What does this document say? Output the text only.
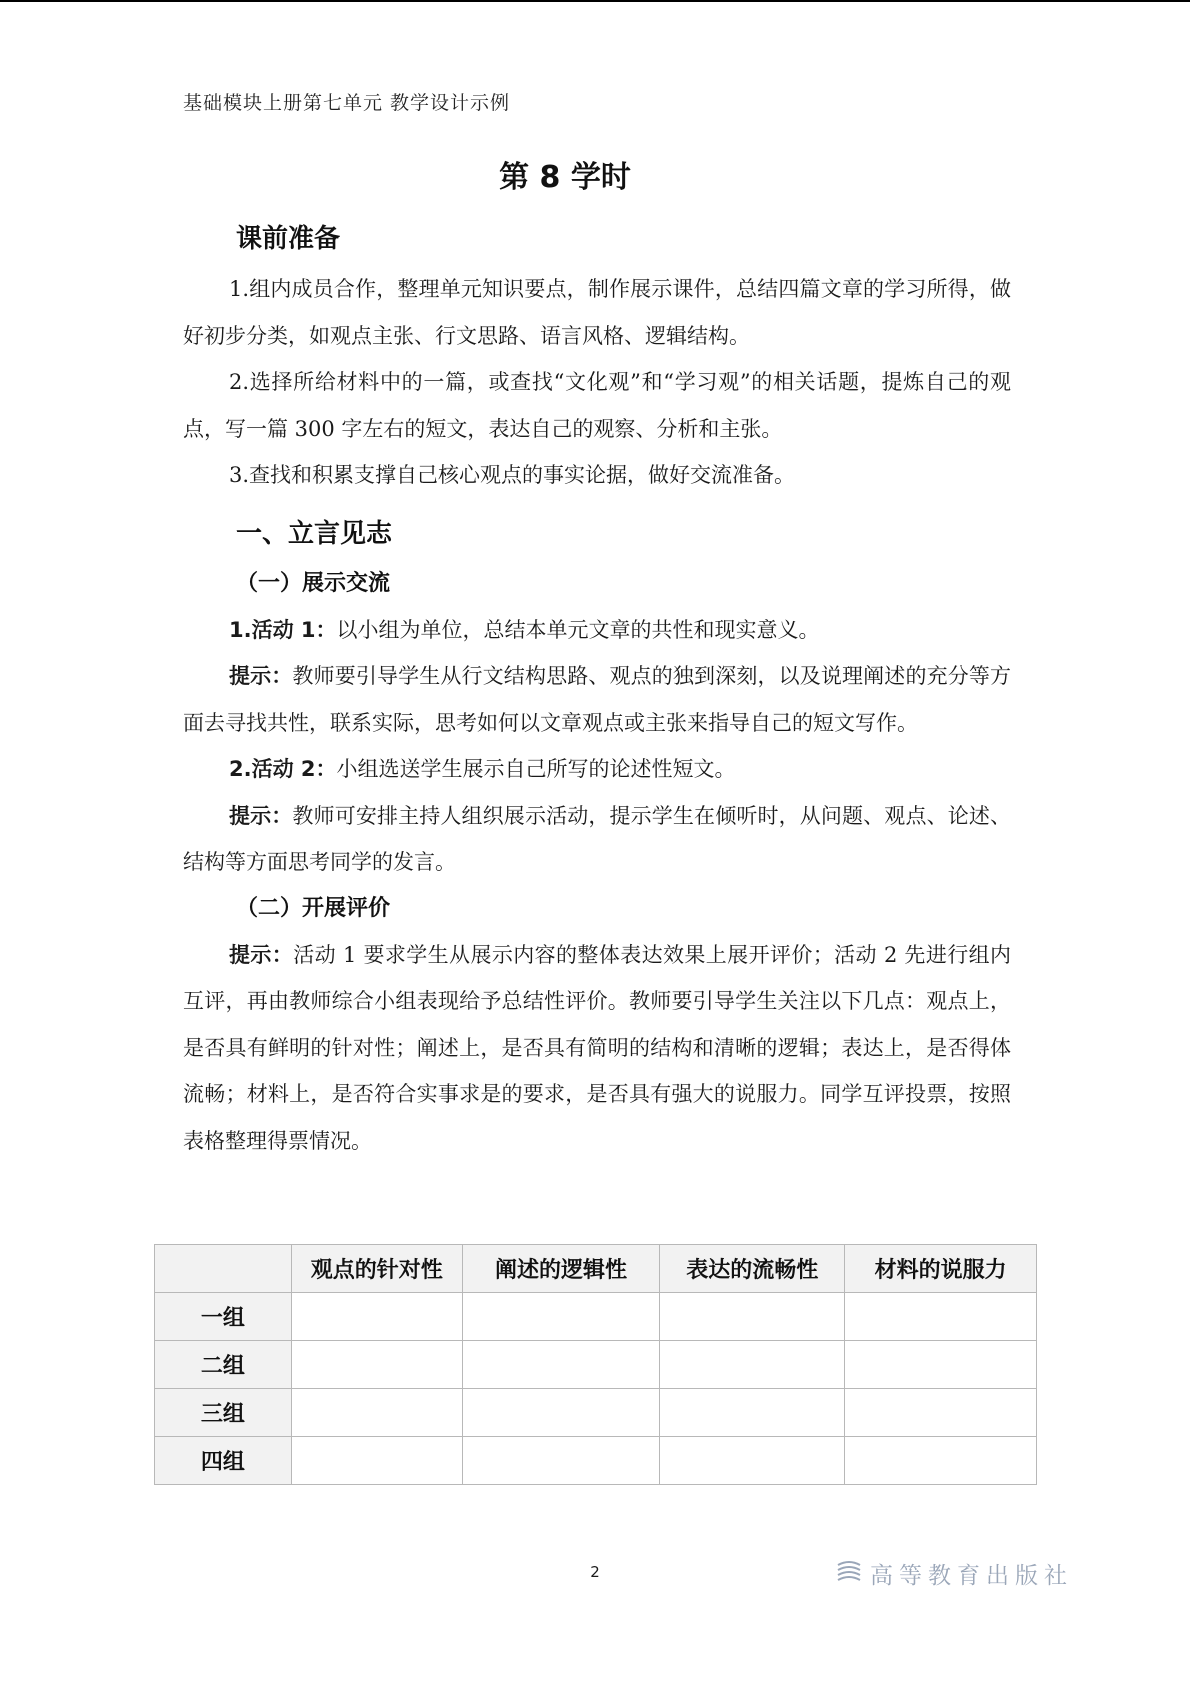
基础模块上册第七单元 教学设计示例
第 8 学时
课前准备

1.组内成员合作，整理单元知识要点，制作展示课件，总结四篇文章的学习所得，做好初步分类，如观点主张、行文思路、语言风格、逻辑结构。

2.选择所给材料中的一篇，或查找“文化观”和“学习观”的相关话题，提炼自己的观点，写一篇 300 字左右的短文，表达自己的观察、分析和主张。

3.查找和积累支撑自己核心观点的事实论据，做好交流准备。

一、立言见志
（一）展示交流

1.活动 1：以小组为单位，总结本单元文章的共性和现实意义。

提示：教师要引导学生从行文结构思路、观点的独到深刻，以及说理阐述的充分等方面去寻找共性，联系实际，思考如何以文章观点或主张来指导自己的短文写作。

2.活动 2：小组选送学生展示自己所写的论述性短文。

提示：教师可安排主持人组织展示活动，提示学生在倾听时，从问题、观点、论述、结构等方面思考同学的发言。

（二）开展评价

提示：活动 1 要求学生从展示内容的整体表达效果上展开评价；活动 2 先进行组内互评，再由教师综合小组表现给予总结性评价。教师要引导学生关注以下几点：观点上，是否具有鲜明的针对性；阐述上，是否具有简明的结构和清晰的逻辑；表达上，是否得体流畅；材料上，是否符合实事求是的要求，是否具有强大的说服力。同学互评投票，按照表格整理得票情况。

	观点的针对性	阐述的逻辑性	表达的流畅性	材料的说服力
一组				
二组				
三组				
四组				
2	高等教育出版社
